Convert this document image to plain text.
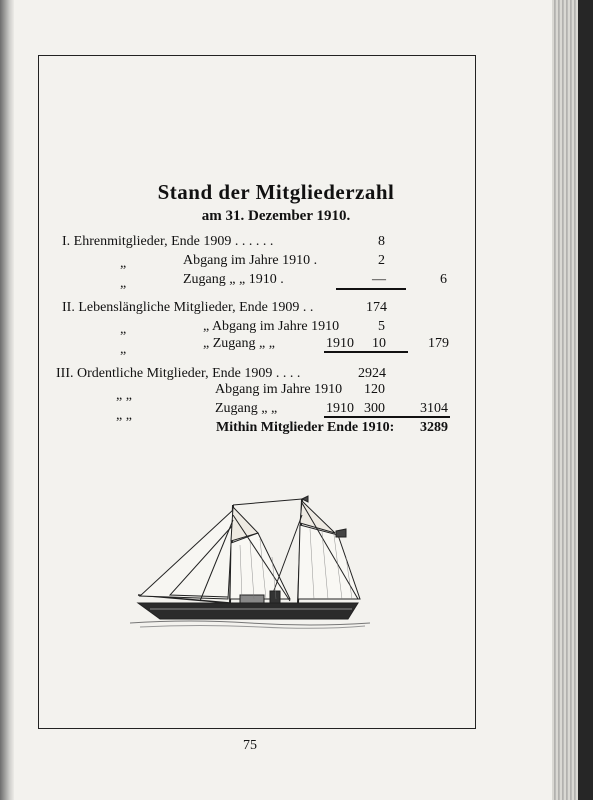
Stand der Mitgliederzahl
am 31. Dezember 1910.
I. Ehrenmitglieder, Ende 1909 . . . . . .	8
„	Abgang im Jahre 1910 .	2
„	Zugang „ „ 1910 .	—	6
II. Lebenslängliche Mitglieder, Ende 1909 . .	174
„	„ Abgang im Jahre 1910	5
„	„ Zugang „ „	1910 10	179
III. Ordentliche Mitglieder, Ende 1909 . . . .	2924
„ „	Abgang im Jahre 1910 120
„ „	Zugang „ „	1910 300	3104
Mithin Mitglieder Ende 1910: 3289
75
